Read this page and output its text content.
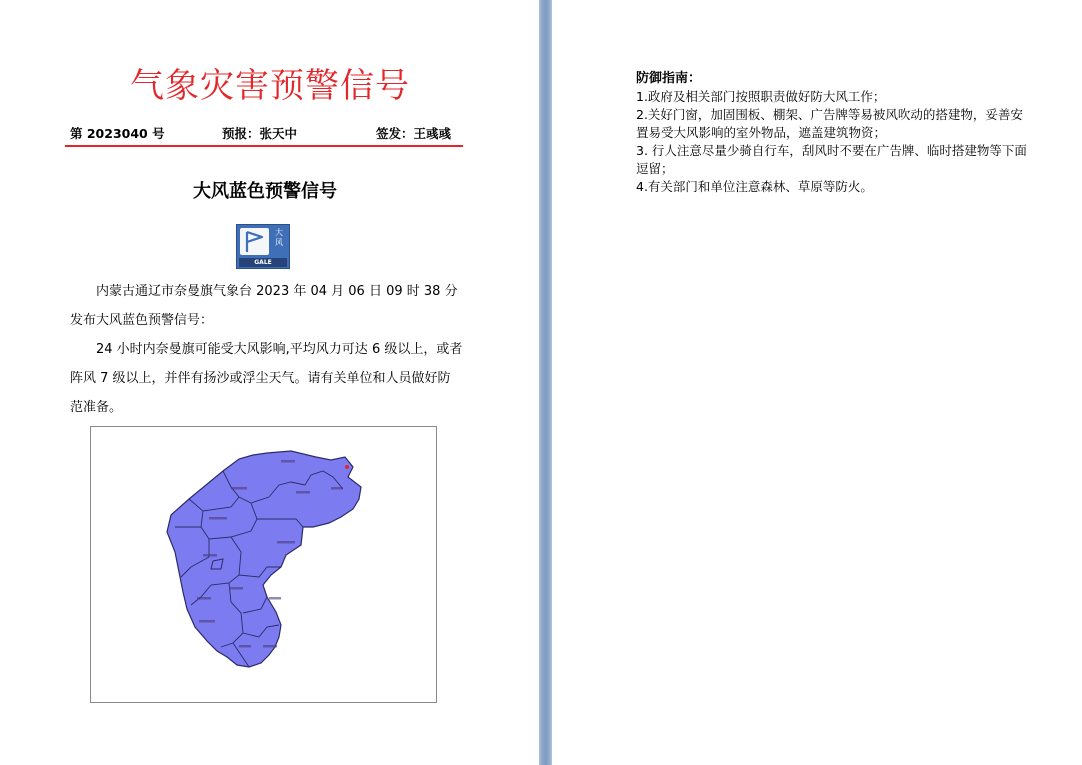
气象灾害预警信号
第 2023040 号	预报：张天中	签发：王彧彧
大风蓝色预警信号
大风
GALE

内蒙古通辽市奈曼旗气象台 2023 年 04 月 06 日 09 时 38 分发布大风蓝色预警信号：

24 小时内奈曼旗可能受大风影响,平均风力可达 6 级以上，或者阵风 7 级以上，并伴有扬沙或浮尘天气。请有关单位和人员做好防范准备。

防御指南：
1.政府及相关部门按照职责做好防大风工作；
2.关好门窗，加固围板、棚架、广告牌等易被风吹动的搭建物，妥善安置易受大风影响的室外物品，遮盖建筑物资；
3. 行人注意尽量少骑自行车，刮风时不要在广告牌、临时搭建物等下面逗留；
4.有关部门和单位注意森林、草原等防火。
